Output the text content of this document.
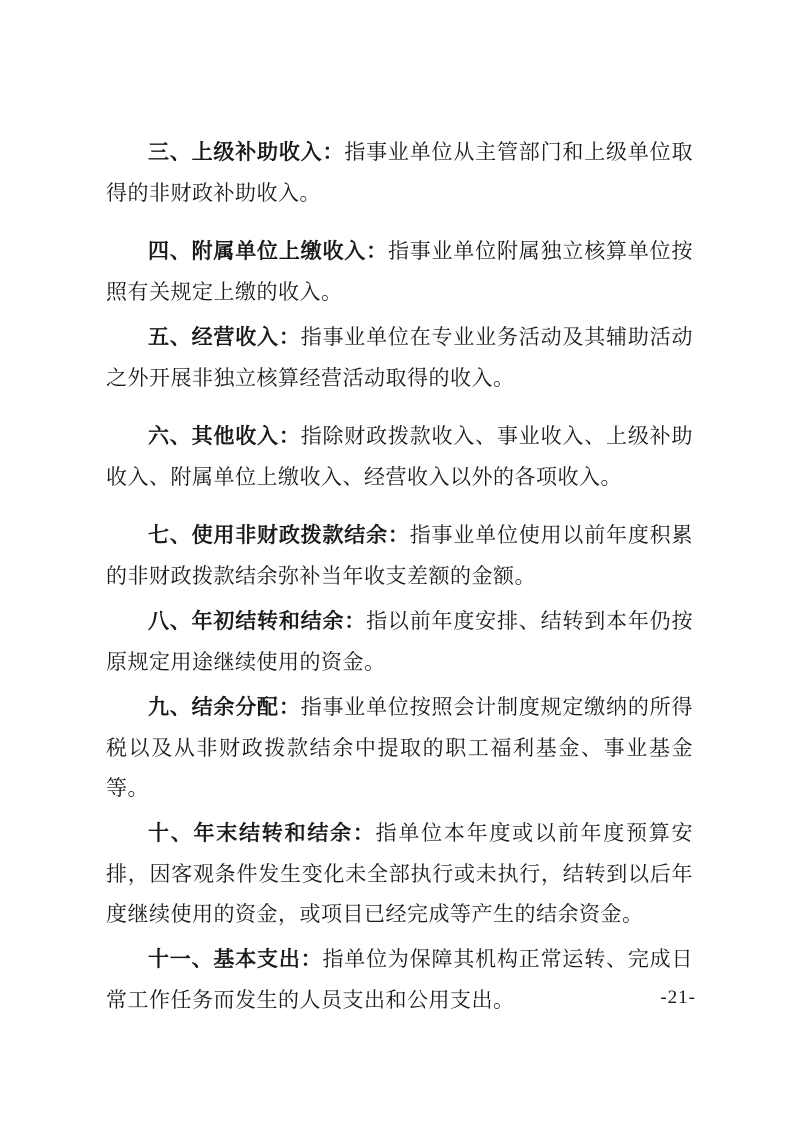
三、上级补助收入：指事业单位从主管部门和上级单位取得的非财政补助收入。

四、附属单位上缴收入：指事业单位附属独立核算单位按照有关规定上缴的收入。

五、经营收入：指事业单位在专业业务活动及其辅助活动之外开展非独立核算经营活动取得的收入。

六、其他收入：指除财政拨款收入、事业收入、上级补助收入、附属单位上缴收入、经营收入以外的各项收入。

七、使用非财政拨款结余：指事业单位使用以前年度积累的非财政拨款结余弥补当年收支差额的金额。

八、年初结转和结余：指以前年度安排、结转到本年仍按原规定用途继续使用的资金。

九、结余分配：指事业单位按照会计制度规定缴纳的所得税以及从非财政拨款结余中提取的职工福利基金、事业基金等。

十、年末结转和结余：指单位本年度或以前年度预算安排，因客观条件发生变化未全部执行或未执行，结转到以后年度继续使用的资金，或项目已经完成等产生的结余资金。

十一、基本支出：指单位为保障其机构正常运转、完成日常工作任务而发生的人员支出和公用支出。	-21-
